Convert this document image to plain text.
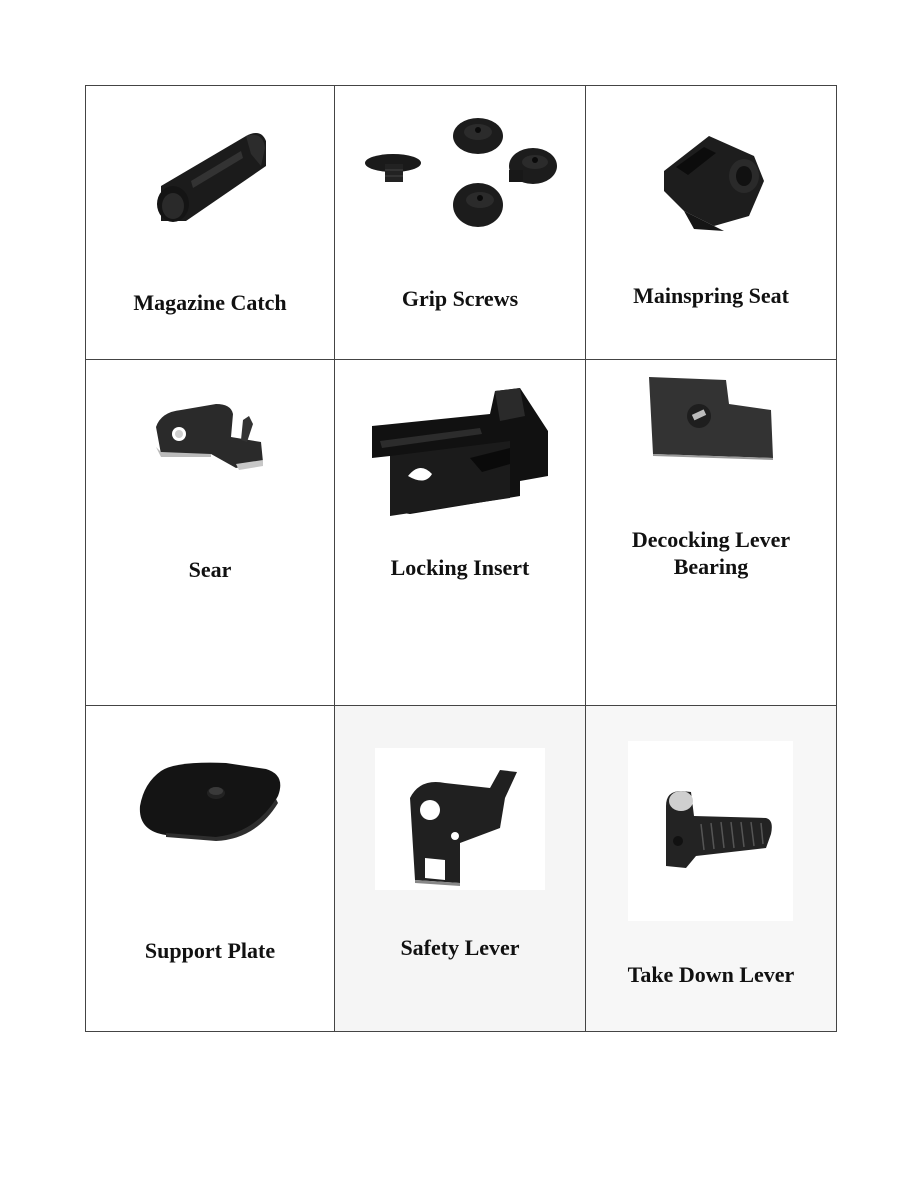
Magazine Catch	Grip Screws	Mainspring Seat

Sear	Locking Insert	Decocking Lever
Bearing

Support Plate	Safety Lever	Take Down Lever
